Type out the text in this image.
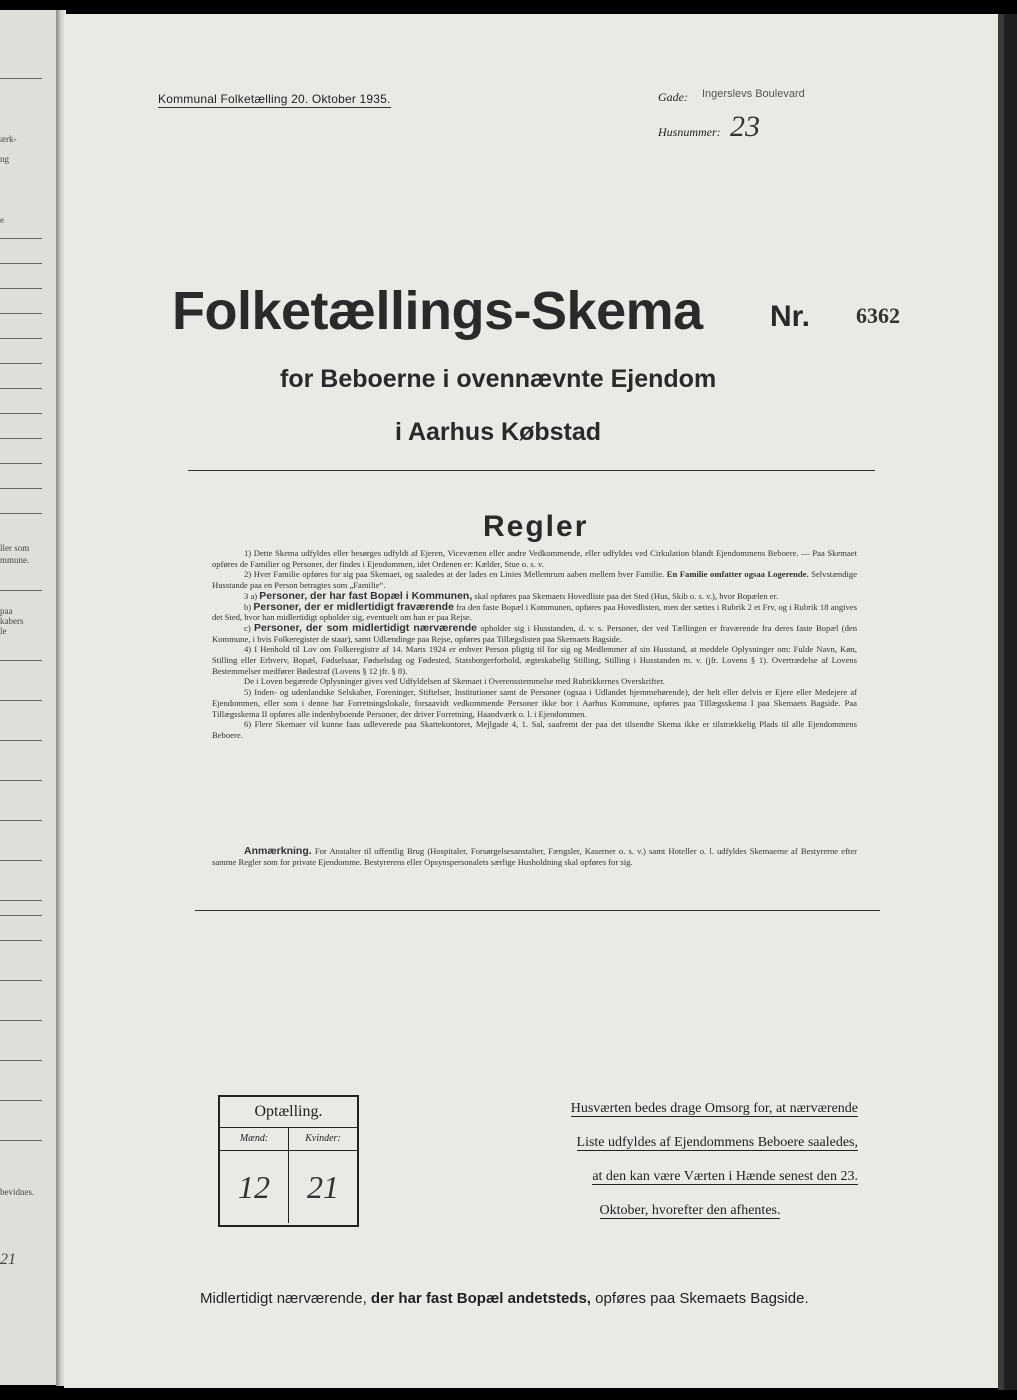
ærk-
ng
e
ller som
mmune.
paa
kabers
le
bevidnes.
21
Kommunal Folketælling 20. Oktober 1935.	Gade: Ingerslevs Boulevard
Husnummer: 23
Folketællings-Skema Nr. 6362
for Beboerne i ovennævnte Ejendom
i Aarhus Købstad
Regler

1) Dette Skema udfyldes eller besørges udfyldt af Ejeren, Viceværten eller andre Vedkommende, eller udfyldes ved Cirkulation blandt Ejendommens Beboere. — Paa Skemaet opføres de Familier og Personer, der findes i Ejendommen, idet Ordenen er: Kælder, Stue o. s. v.

2) Hver Familie opføres for sig paa Skemaet, og saaledes at der lades en Linies Mellemrum aaben mellem hver Familie. En Familie omfatter ogsaa Logerende. Selvstændige Husstande paa en Person betragtes som „Familie“.

3 a) Personer, der har fast Bopæl i Kommunen, skal opføres paa Skemaets Hovedliste paa det Sted (Hus, Skib o. s. v.), hvor Bopælen er.

b) Personer, der er midlertidigt fraværende fra den faste Bopæl i Kommunen, opføres paa Hovedlisten, men der sættes i Rubrik 2 et Frv, og i Rubrik 18 angives det Sted, hvor han midlertidigt opholder sig, eventuelt om han er paa Rejse.

c) Personer, der som midlertidigt nærværende opholder sig i Husstanden, d. v. s. Personer, der ved Tællingen er fraværende fra deres faste Bopæl (den Kommune, i hvis Folkeregister de staar), samt Udlændinge paa Rejse, opføres paa Tillægslisten paa Skemaets Bagside.

4) I Henhold til Lov om Folkeregistre af 14. Marts 1924 er enhver Person pligtig til for sig og Medlemmer af sin Husstand, at meddele Oplysninger om: Fulde Navn, Køn, Stilling eller Erhverv, Bopæl, Fødselsaar, Fødselsdag og Fødested, Statsborgerforhold, ægteskabelig Stilling, Stilling i Husstanden m. v. (jfr. Lovens § 1). Overtrædelse af Lovens Bestemmelser medfører Bødestraf (Lovens § 12 jfr. § 8).

De i Loven begærede Oplysninger gives ved Udfyldelsen af Skemaet i Overensstemmelse med Rubrikkernes Overskrifter.

5) Inden- og udenlandske Selskaber, Foreninger, Stiftelser, Institutioner samt de Personer (ogsaa i Udlandet hjemmehørende), der helt eller delvis er Ejere eller Medejere af Ejendommen, eller som i denne har Forretningslokale, forsaavidt vedkommende Personer ikke bor i Aarhus Kommune, opføres paa Tillægsskema I paa Skemaets Bagside. Paa Tillægsskema II opføres alle indenbyboende Personer, der driver Forretning, Haandværk o. l. i Ejendommen.

6) Flere Skemaer vil kunne faas udleverede paa Skattekontoret, Mejlgade 4, 1. Sal, saafremt der paa det tilsendte Skema ikke er tilstrækkelig Plads til alle Ejendommens Beboere.

Anmærkning. For Anstalter til offentlig Brug (Hospitaler, Forsørgelsesanstalter, Fængsler, Kaserner o. s. v.) samt Hoteller o. l. udfyldes Skemaerne af Bestyrerne efter samme Regler som for private Ejendomme. Bestyrerens eller Opsynspersonalets særlige Husholdning skal opføres for sig.

Optælling.
Mænd:	Kvinder:
12	21
Husværten bedes drage Omsorg for, at nærværende
Liste udfyldes af Ejendommens Beboere saaledes,
at den kan være Værten i Hænde senest den 23.
Oktober, hvorefter den afhentes.
Midlertidigt nærværende, der har fast Bopæl andetsteds, opføres paa Skemaets Bagside.
